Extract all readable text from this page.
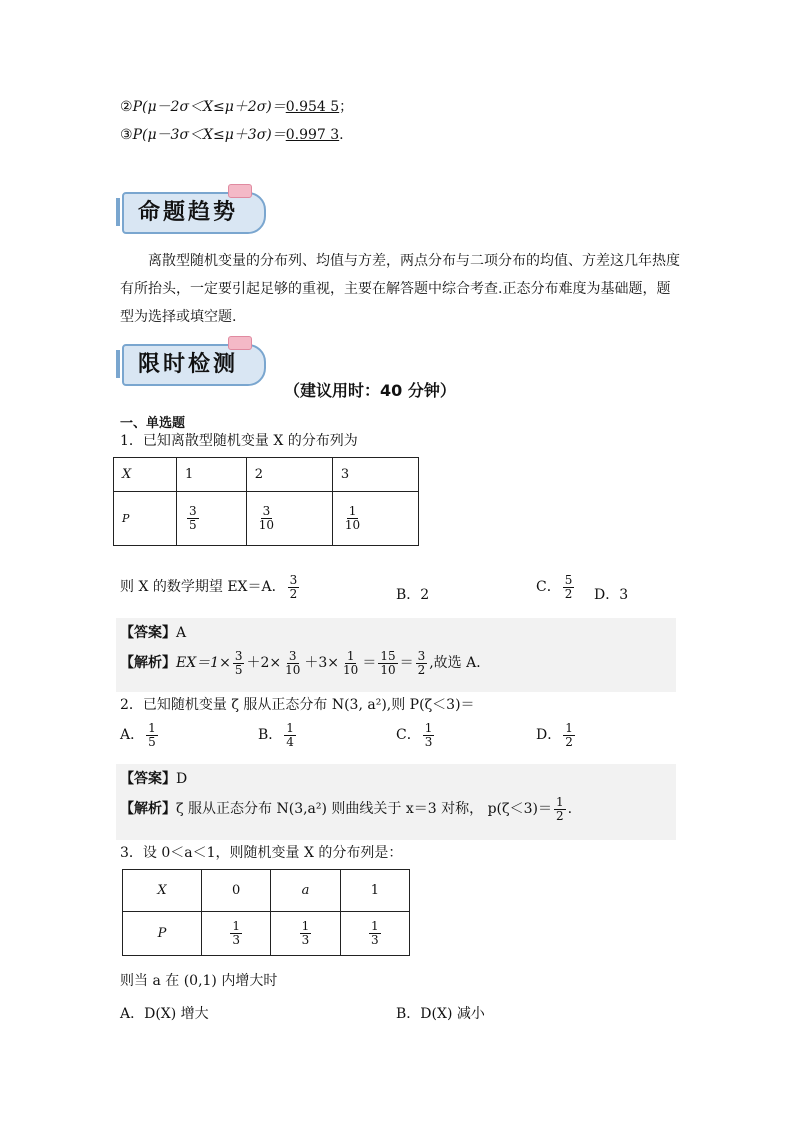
②P(μ－2σ＜X≤μ＋2σ)＝0.954 5；
③P(μ－3σ＜X≤μ＋3σ)＝0.997 3.
命题趋势
离散型随机变量的分布列、均值与方差，两点分布与二项分布的均值、方差这几年热度
有所抬头，一定要引起足够的重视，主要在解答题中综合考查.正态分布难度为基础题，题
型为选择或填空题.
限时检测
（建议用时：40 分钟）
一、单选题
1．已知离散型随机变量 X 的分布列为
X	1	2	3
P	$\frac{3}{5}$	$\frac{3}{10}$	$\frac{1}{10}$
则 X 的数学期望 EX＝A． $\frac{3}{2}$	B．2	C． $\frac{5}{2}$ D．3
【答案】A
【解析】$EX=1\times \frac{3}{5} +2\times \frac{3}{10} +3\times \frac{1}{10} = \frac{15}{10} = \frac{3}{2}$ ,故选 A．
2．已知随机变量 ζ 服从正态分布 N(3, a²),则 P(ζ＜3)＝
A． $\frac{1}{5}$	B． $\frac{1}{4}$	C． $\frac{1}{3}$	D． $\frac{1}{2}$
【答案】D
【解析】ζ 服从正态分布 N(3,a²) 则曲线关于 x＝3 对称， $p(\zeta<3)= \frac{1}{2}$ .
3．设 0＜a＜1，则随机变量 X 的分布列是：
X	0	a	1
P	$\frac{1}{3}$	$\frac{1}{3}$	$\frac{1}{3}$
则当 a 在 (0,1) 内增大时
A．D(X) 增大	B．D(X) 减小
